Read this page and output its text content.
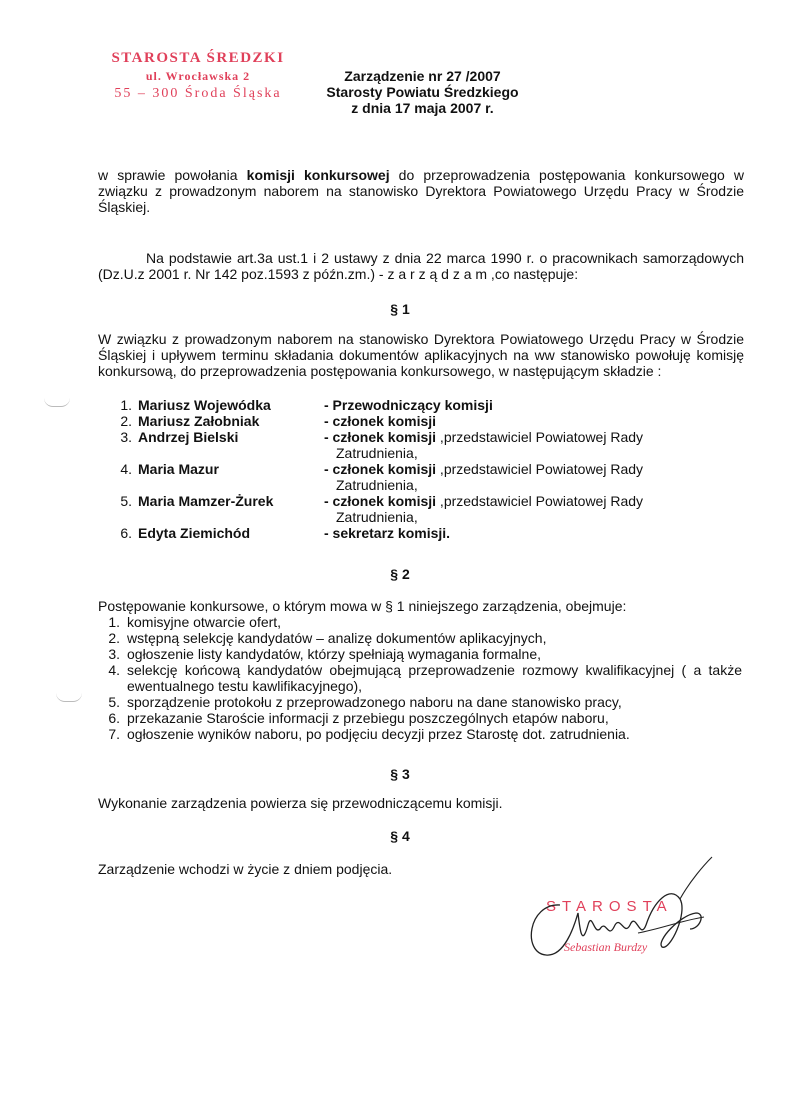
STAROSTA ŚREDZKI
ul. Wrocławska 2
55 – 300 Środa Śląska
Zarządzenie nr 27 /2007
Starosty Powiatu Średzkiego
z dnia 17 maja 2007 r.
w sprawie powołania komisji konkursowej do przeprowadzenia postępowania konkursowego w związku z prowadzonym naborem na stanowisko Dyrektora Powiatowego Urzędu Pracy w Środzie Śląskiej.
Na podstawie art.3a ust.1 i 2 ustawy z dnia 22 marca 1990 r. o pracownikach samorządowych (Dz.U.z 2001 r. Nr 142 poz.1593 z późn.zm.) - z a r z ą d z a m ,co następuje:
§ 1
W związku z prowadzonym naborem na stanowisko Dyrektora Powiatowego Urzędu Pracy w Środzie Śląskiej i upływem terminu składania dokumentów aplikacyjnych na ww stanowisko powołuję komisję konkursową, do przeprowadzenia postępowania konkursowego, w następującym składzie :
1.	Mariusz Wojewódka	- Przewodniczący komisji

2.	Mariusz Załobniak	- członek komisji

3.	Andrzej Bielski	- członek komisji ,przedstawiciel Powiatowej Rady
Zatrudnienia,

4.	Maria Mazur	- członek komisji ,przedstawiciel Powiatowej Rady
Zatrudnienia,

5.	Maria Mamzer-Żurek	- członek komisji ,przedstawiciel Powiatowej Rady
Zatrudnienia,

6.	Edyta Ziemichód	- sekretarz komisji.
§ 2
Postępowanie konkursowe, o którym mowa w § 1 niniejszego zarządzenia, obejmuje:
1. komisyjne otwarcie ofert,
2. wstępną selekcję kandydatów – analizę dokumentów aplikacyjnych,
3. ogłoszenie listy kandydatów, którzy spełniają wymagania formalne,
4. selekcję końcową kandydatów obejmującą przeprowadzenie rozmowy kwalifikacyjnej ( a także ewentualnego testu kawlifikacyjnego),
5. sporządzenie protokołu z przeprowadzonego naboru na dane stanowisko pracy,
6. przekazanie Staroście informacji z przebiegu poszczególnych etapów naboru,
7. ogłoszenie wyników naboru, po podjęciu decyzji przez Starostę dot. zatrudnienia.
§ 3
Wykonanie zarządzenia powierza się przewodniczącemu komisji.
§ 4
Zarządzenie wchodzi w życie z dniem podjęcia.
STAROSTA
Sebastian Burdzy
